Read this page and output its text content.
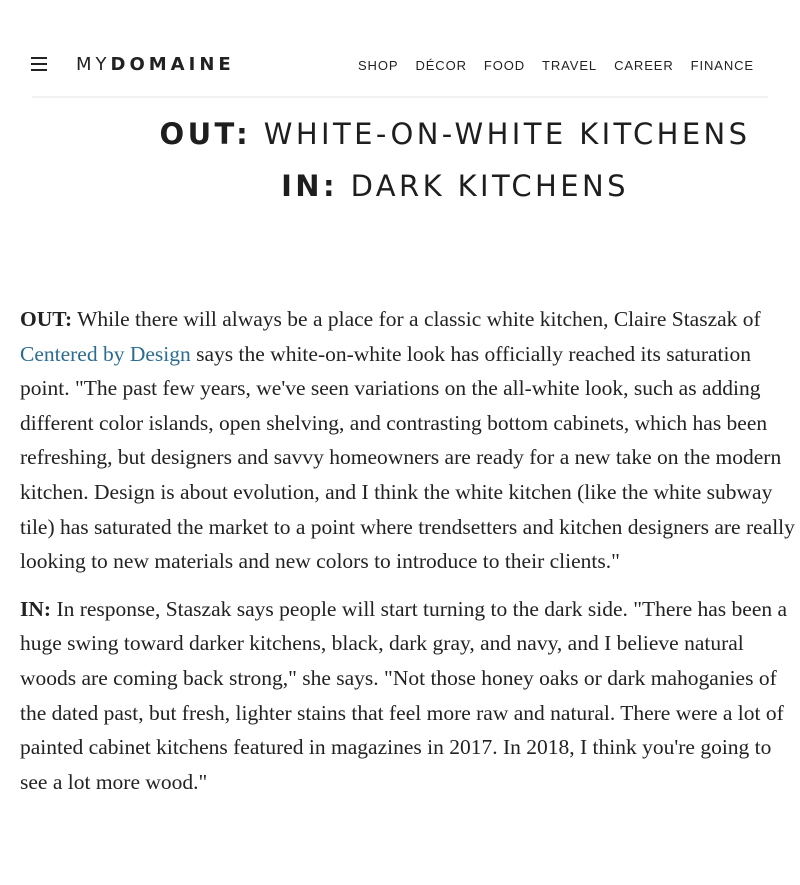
MYDOMAINE	SHOP DÉCOR FOOD TRAVEL CAREER FINANCE
OUT: WHITE-ON-WHITE KITCHENS
IN: DARK KITCHENS

OUT: While there will always be a place for a classic white kitchen, Claire Staszak of Centered by Design says the white-on-white look has officially reached its saturation point. "The past few years, we've seen variations on the all-white look, such as adding different color islands, open shelving, and contrasting bottom cabinets, which has been refreshing, but designers and savvy homeowners are ready for a new take on the modern kitchen. Design is about evolution, and I think the white kitchen (like the white subway tile) has saturated the market to a point where trendsetters and kitchen designers are really looking to new materials and new colors to introduce to their clients."

IN: In response, Staszak says people will start turning to the dark side. "There has been a huge swing toward darker kitchens, black, dark gray, and navy, and I believe natural woods are coming back strong," she says. "Not those honey oaks or dark mahoganies of the dated past, but fresh, lighter stains that feel more raw and natural. There were a lot of painted cabinet kitchens featured in magazines in 2017. In 2018, I think you're going to see a lot more wood."
